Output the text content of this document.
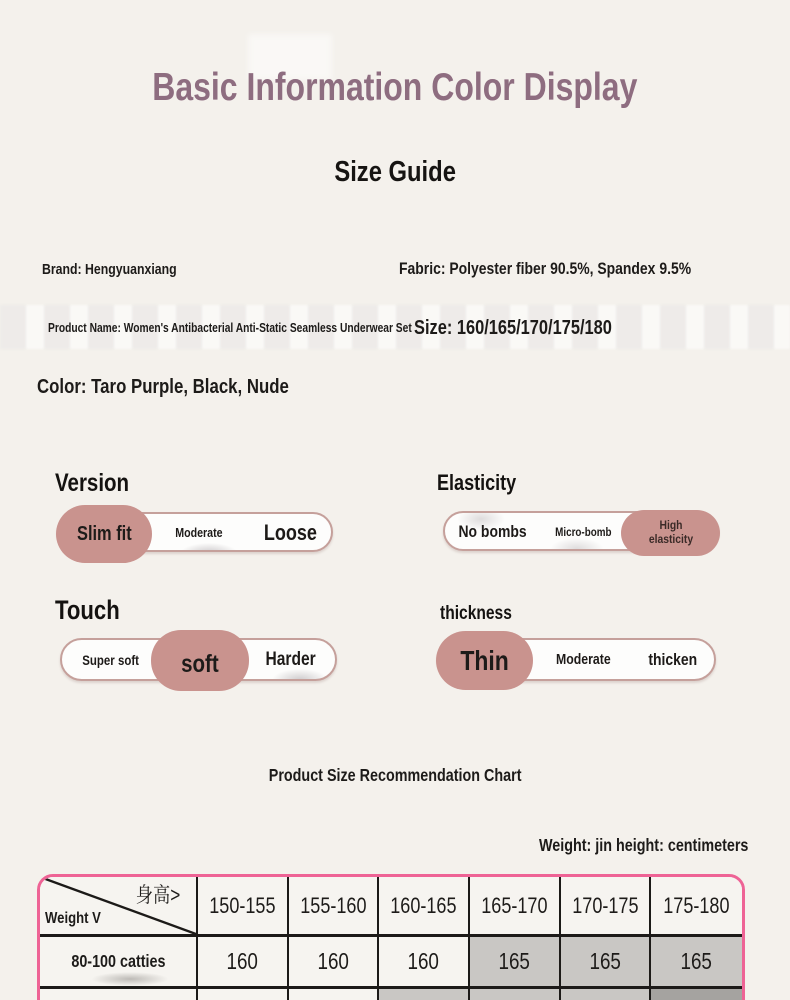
Basic Information Color Display
Size Guide
Brand: Hengyuanxiang	Fabric: Polyester fiber 90.5%, Spandex 9.5%
Product Name: Women's Antibacterial Anti-Static Seamless Underwear Set Size: 160/165/170/175/180
Color: Taro Purple, Black, Nude
Version
Slim fit	Moderate	Loose
Elasticity
No bombs	Micro-bomb	High elasticity
Touch
Super soft	soft	Harder
thickness
Thin	Moderate	thicken
Product Size Recommendation Chart
Weight: jin height: centimeters
身高>
Weight V
150-155 155-160 160-165 165-170 170-175 175-180
80-100 catties	160	160	160	165	165	165
